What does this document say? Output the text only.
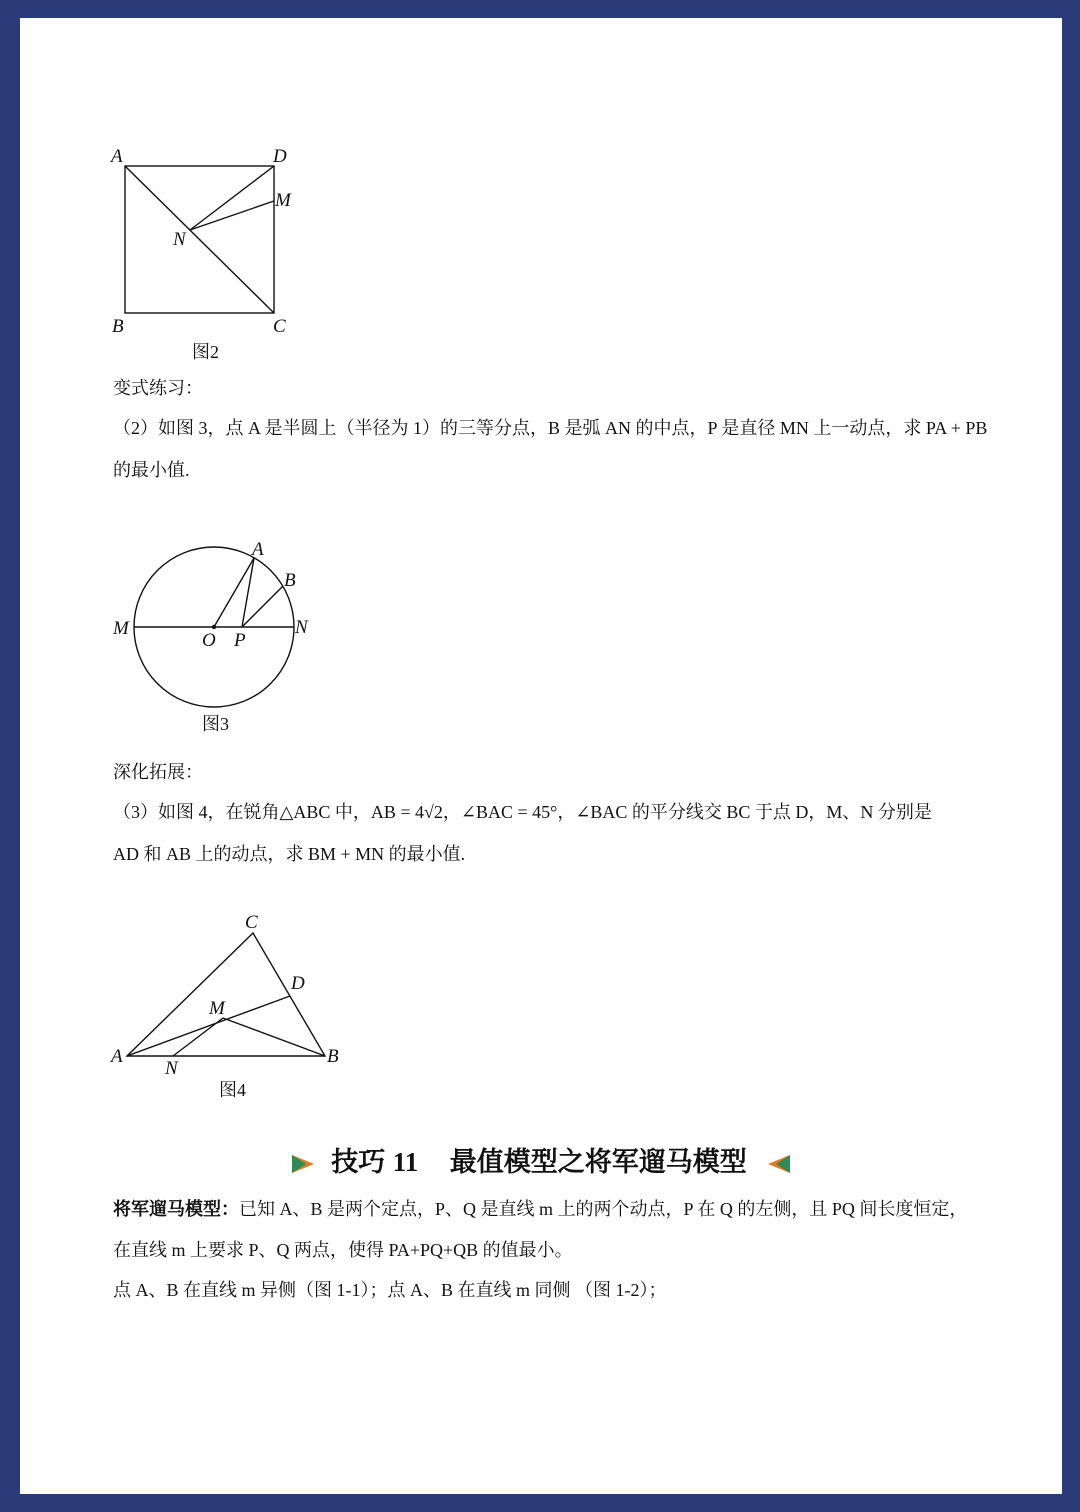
A	D
M
N
B	C
图2
变式练习：
（2）如图 3，点 A 是半圆上（半径为 1）的三等分点，B 是弧 AN 的中点，P 是直径 MN 上一动点，求 PA + PB
的最小值.
A
B
M
O P
N
图3
深化拓展：
（3）如图 4，在锐角△ABC 中，AB = 4√2，∠BAC = 45°，∠BAC 的平分线交 BC 于点 D，M、N 分别是
AD 和 AB 上的动点，求 BM + MN 的最小值.
C
D
M
A	B
N
图4
技巧 11 最值模型之将军遛马模型
将军遛马模型：已知 A、B 是两个定点，P、Q 是直线 m 上的两个动点，P 在 Q 的左侧，且 PQ 间长度恒定，
在直线 m 上要求 P、Q 两点，使得 PA+PQ+QB 的值最小。
点 A、B 在直线 m 异侧（图 1-1）；点 A、B 在直线 m 同侧 （图 1-2）；
